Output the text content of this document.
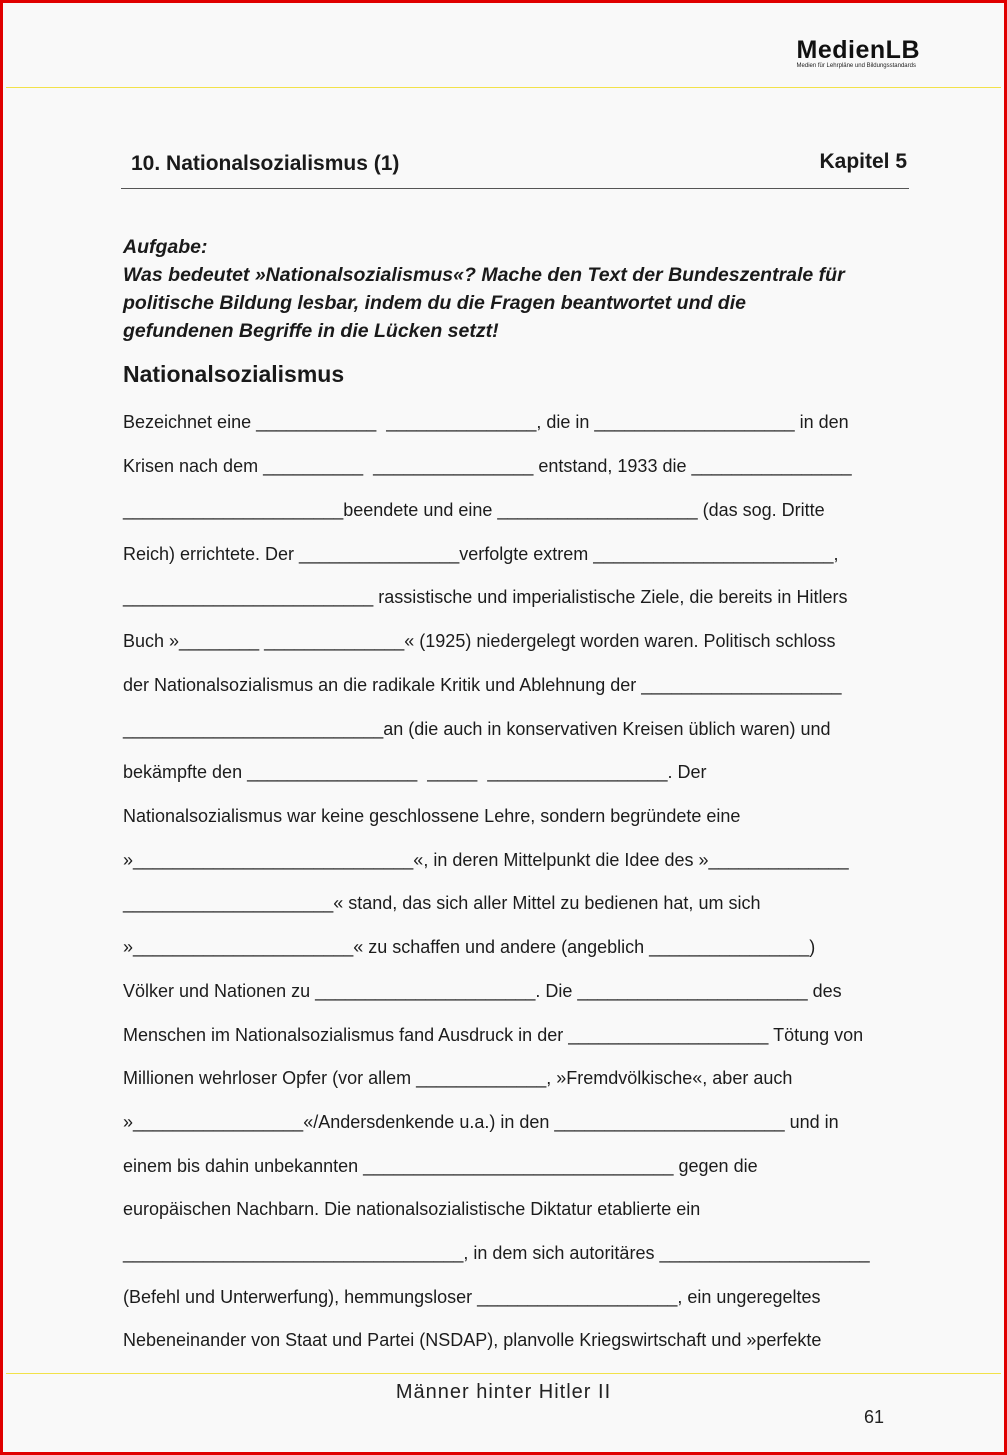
MedienLB
Medien für Lehrpläne und Bildungsstandards
10. Nationalsozialismus (1)	Kapitel 5
Aufgabe:
Was bedeutet »Nationalsozialismus«? Mache den Text der Bundeszentrale für
politische Bildung lesbar, indem du die Fragen beantwortet und die
gefundenen Begriffe in die Lücken setzt!
Nationalsozialismus
Bezeichnet eine ____________  _______________, die in ____________________ in den
Krisen nach dem __________  ________________ entstand, 1933 die ________________
______________________beendete und eine ____________________ (das sog. Dritte
Reich) errichtete. Der ________________verfolgte extrem ________________________,
_________________________ rassistische und imperialistische Ziele, die bereits in Hitlers
Buch »________ ______________« (1925) niedergelegt worden waren. Politisch schloss
der Nationalsozialismus an die radikale Kritik und Ablehnung der ____________________
__________________________an (die auch in konservativen Kreisen üblich waren) und
bekämpfte den _________________  _____  __________________. Der
Nationalsozialismus war keine geschlossene Lehre, sondern begründete eine
»____________________________«, in deren Mittelpunkt die Idee des »______________
_____________________« stand, das sich aller Mittel zu bedienen hat, um sich
»______________________« zu schaffen und andere (angeblich ________________)
Völker und Nationen zu ______________________. Die _______________________ des
Menschen im Nationalsozialismus fand Ausdruck in der ____________________ Tötung von
Millionen wehrloser Opfer (vor allem _____________, »Fremdvölkische«, aber auch
»_________________«/Andersdenkende u.a.) in den _______________________ und in
einem bis dahin unbekannten _______________________________ gegen die
europäischen Nachbarn. Die nationalsozialistische Diktatur etablierte ein
__________________________________, in dem sich autoritäres _____________________
(Befehl und Unterwerfung), hemmungsloser ____________________, ein ungeregeltes
Nebeneinander von Staat und Partei (NSDAP), planvolle Kriegswirtschaft und »perfekte
Männer hinter Hitler II
61
